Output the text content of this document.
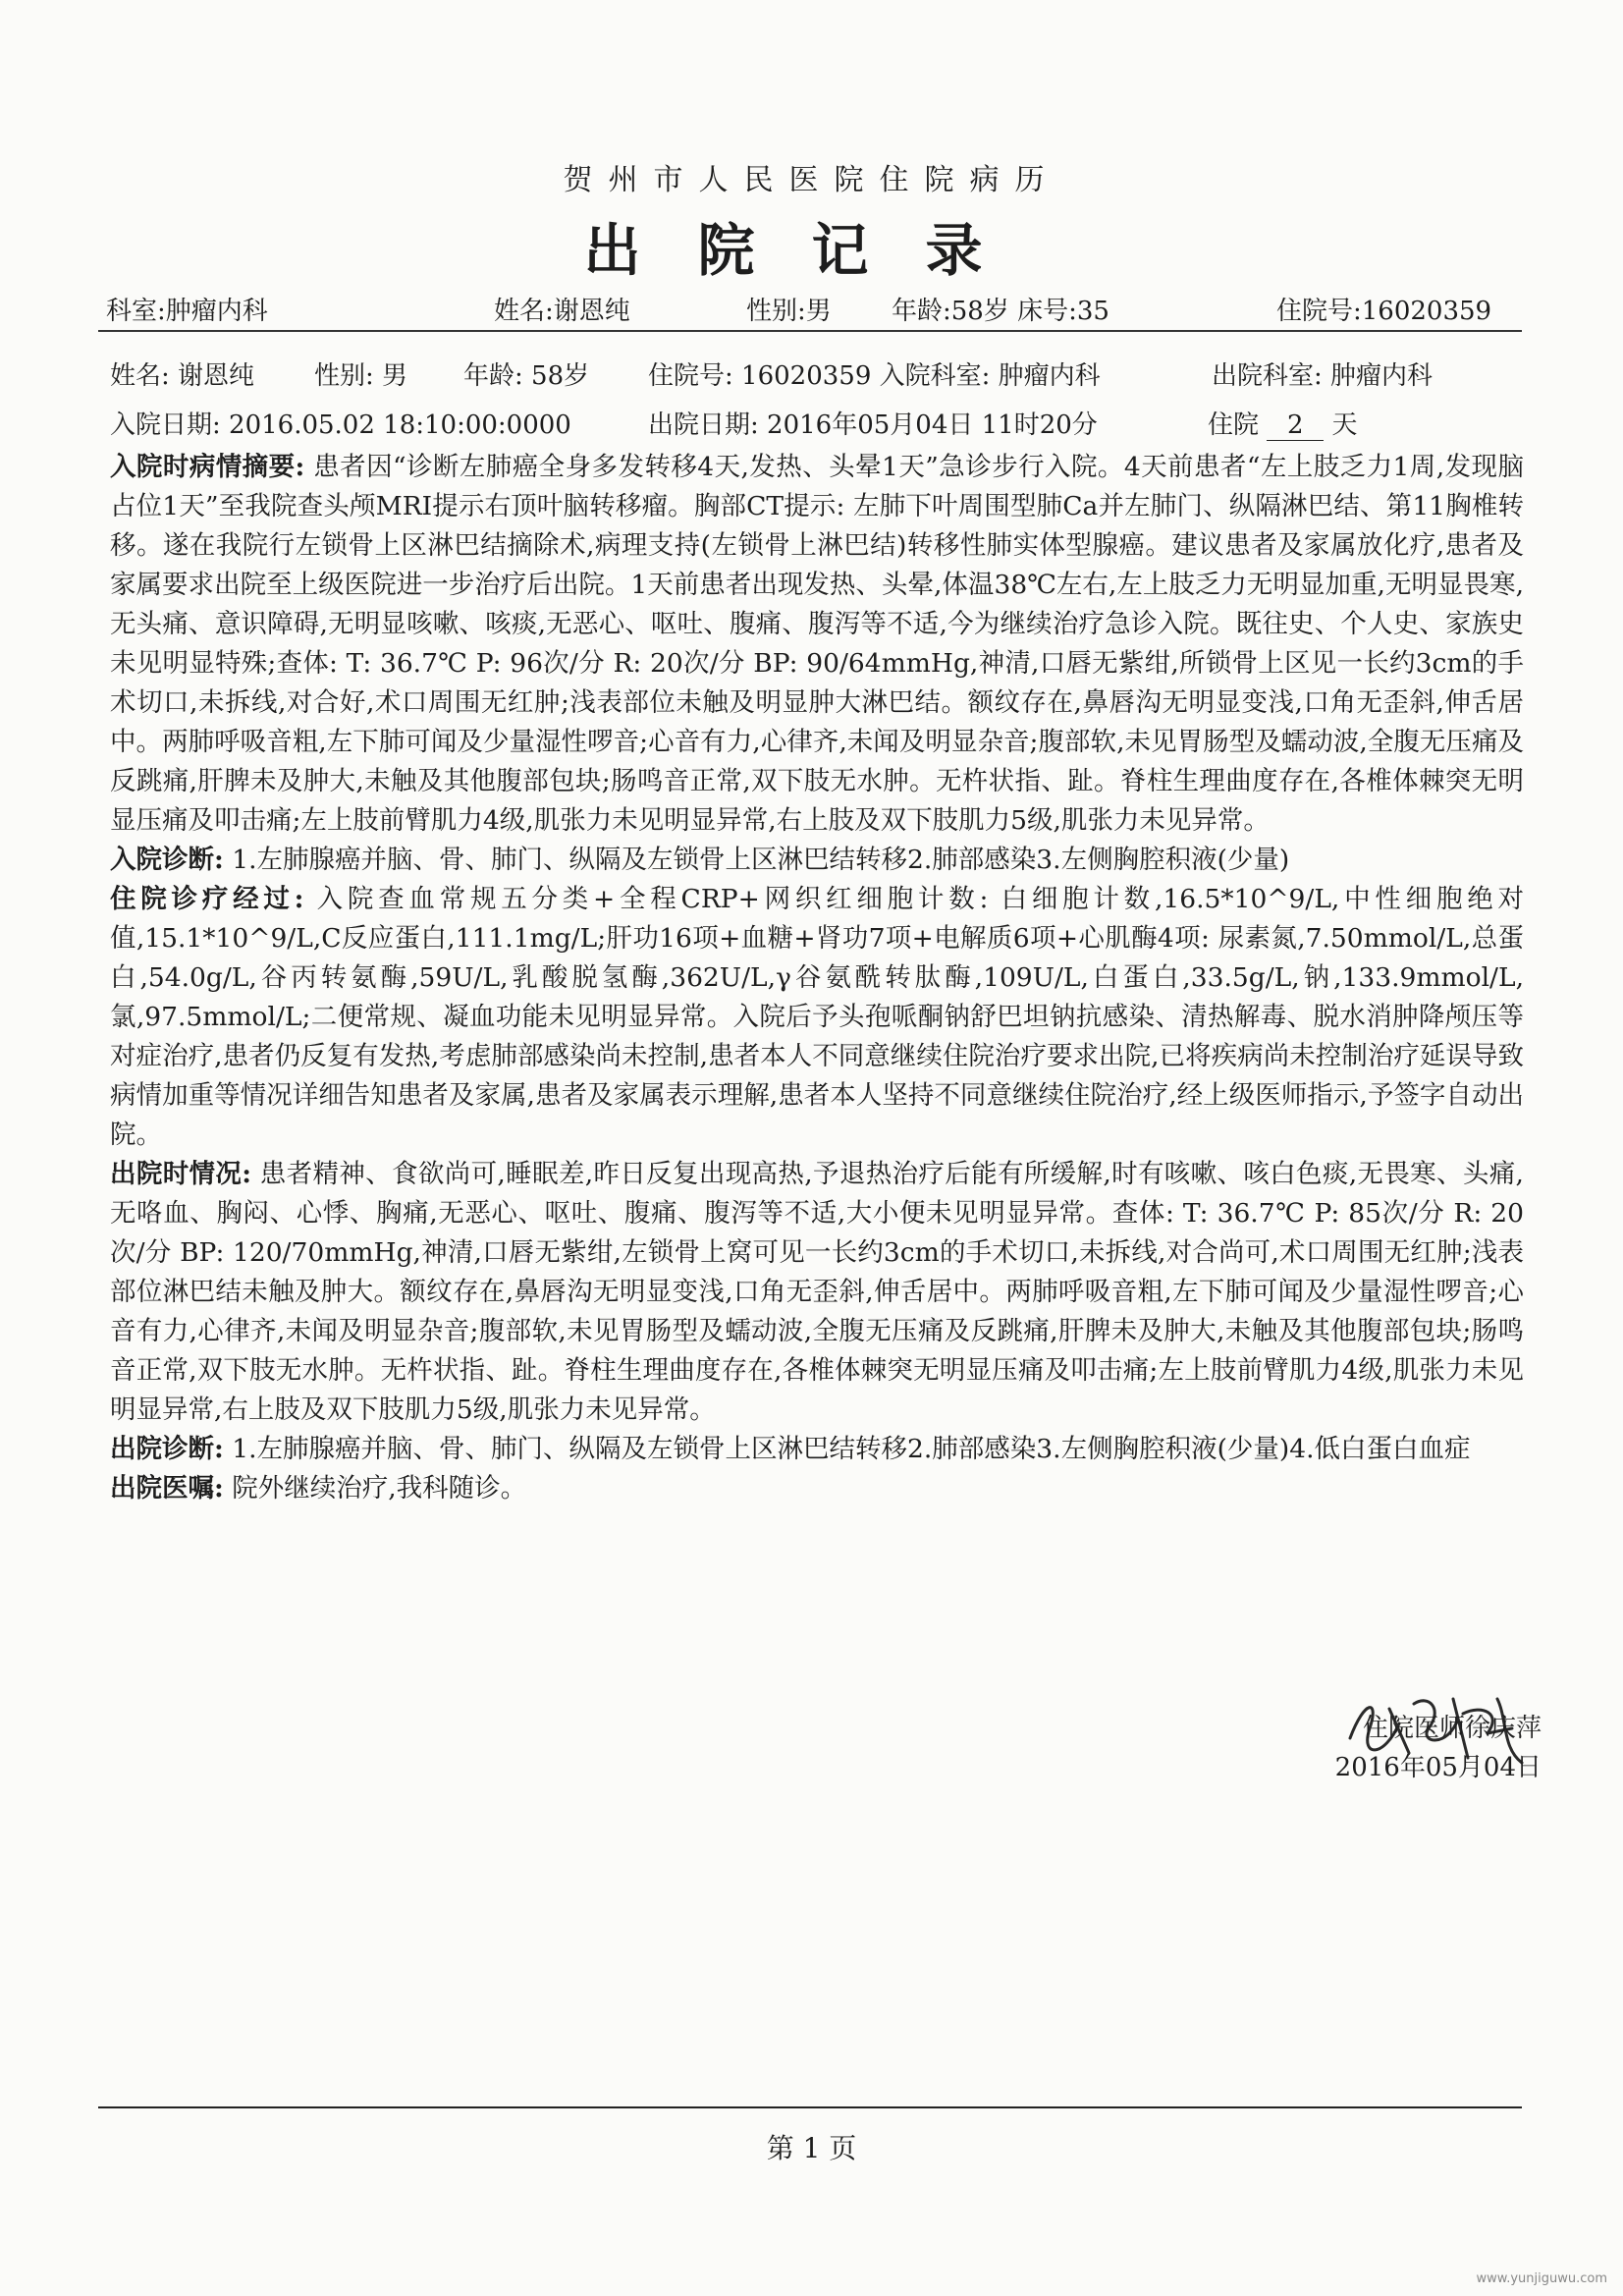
贺州市人民医院住院病历
出院记录
科室:肿瘤内科	姓名:谢恩纯	性别:男 年龄:58岁 床号:35	住院号:16020359
姓名: 谢恩纯 性别: 男 年龄: 58岁 住院号: 16020359 入院科室: 肿瘤内科	出院科室: 肿瘤内科
入院日期: 2016.05.02 18:10:00:0000	出院日期: 2016年05月04日 11时20分	住院 2 天

入院时病情摘要: 患者因“诊断左肺癌全身多发转移4天,发热、头晕1天”急诊步行入院。4天前患者“左上肢乏力1周,发现脑占位1天”至我院查头颅MRI提示右顶叶脑转移瘤。胸部CT提示: 左肺下叶周围型肺Ca并左肺门、纵隔淋巴结、第11胸椎转移。遂在我院行左锁骨上区淋巴结摘除术,病理支持(左锁骨上淋巴结)转移性肺实体型腺癌。建议患者及家属放化疗,患者及家属要求出院至上级医院进一步治疗后出院。1天前患者出现发热、头晕,体温38℃左右,左上肢乏力无明显加重,无明显畏寒,无头痛、意识障碍,无明显咳嗽、咳痰,无恶心、呕吐、腹痛、腹泻等不适,今为继续治疗急诊入院。既往史、个人史、家族史未见明显特殊;查体: T: 36.7℃ P: 96次/分 R: 20次/分 BP: 90/64mmHg,神清,口唇无紫绀,所锁骨上区见一长约3cm的手术切口,未拆线,对合好,术口周围无红肿;浅表部位未触及明显肿大淋巴结。额纹存在,鼻唇沟无明显变浅,口角无歪斜,伸舌居中。两肺呼吸音粗,左下肺可闻及少量湿性啰音;心音有力,心律齐,未闻及明显杂音;腹部软,未见胃肠型及蠕动波,全腹无压痛及反跳痛,肝脾未及肿大,未触及其他腹部包块;肠鸣音正常,双下肢无水肿。无杵状指、趾。脊柱生理曲度存在,各椎体棘突无明显压痛及叩击痛;左上肢前臂肌力4级,肌张力未见明显异常,右上肢及双下肢肌力5级,肌张力未见异常。

入院诊断: 1.左肺腺癌并脑、骨、肺门、纵隔及左锁骨上区淋巴结转移2.肺部感染3.左侧胸腔积液(少量)

住院诊疗经过: 入院查血常规五分类+全程CRP+网织红细胞计数: 白细胞计数,16.5*10^9/L,中性细胞绝对值,15.1*10^9/L,C反应蛋白,111.1mg/L;肝功16项+血糖+肾功7项+电解质6项+心肌酶4项: 尿素氮,7.50mmol/L,总蛋白,54.0g/L,谷丙转氨酶,59U/L,乳酸脱氢酶,362U/L,γ谷氨酰转肽酶,109U/L,白蛋白,33.5g/L,钠,133.9mmol/L,氯,97.5mmol/L;二便常规、凝血功能未见明显异常。入院后予头孢哌酮钠舒巴坦钠抗感染、清热解毒、脱水消肿降颅压等对症治疗,患者仍反复有发热,考虑肺部感染尚未控制,患者本人不同意继续住院治疗要求出院,已将疾病尚未控制治疗延误导致病情加重等情况详细告知患者及家属,患者及家属表示理解,患者本人坚持不同意继续住院治疗,经上级医师指示,予签字自动出院。

出院时情况: 患者精神、食欲尚可,睡眠差,昨日反复出现高热,予退热治疗后能有所缓解,时有咳嗽、咳白色痰,无畏寒、头痛,无咯血、胸闷、心悸、胸痛,无恶心、呕吐、腹痛、腹泻等不适,大小便未见明显异常。查体: T: 36.7℃ P: 85次/分 R: 20次/分 BP: 120/70mmHg,神清,口唇无紫绀,左锁骨上窝可见一长约3cm的手术切口,未拆线,对合尚可,术口周围无红肿;浅表部位淋巴结未触及肿大。额纹存在,鼻唇沟无明显变浅,口角无歪斜,伸舌居中。两肺呼吸音粗,左下肺可闻及少量湿性啰音;心音有力,心律齐,未闻及明显杂音;腹部软,未见胃肠型及蠕动波,全腹无压痛及反跳痛,肝脾未及肿大,未触及其他腹部包块;肠鸣音正常,双下肢无水肿。无杵状指、趾。脊柱生理曲度存在,各椎体棘突无明显压痛及叩击痛;左上肢前臂肌力4级,肌张力未见明显异常,右上肢及双下肢肌力5级,肌张力未见异常。

出院诊断: 1.左肺腺癌并脑、骨、肺门、纵隔及左锁骨上区淋巴结转移2.肺部感染3.左侧胸腔积液(少量)4.低白蛋白血症

出院医嘱: 院外继续治疗,我科随诊。

住院医师徐庆萍
2016年05月04日
第 1 页
www.yunjiguwu.com
